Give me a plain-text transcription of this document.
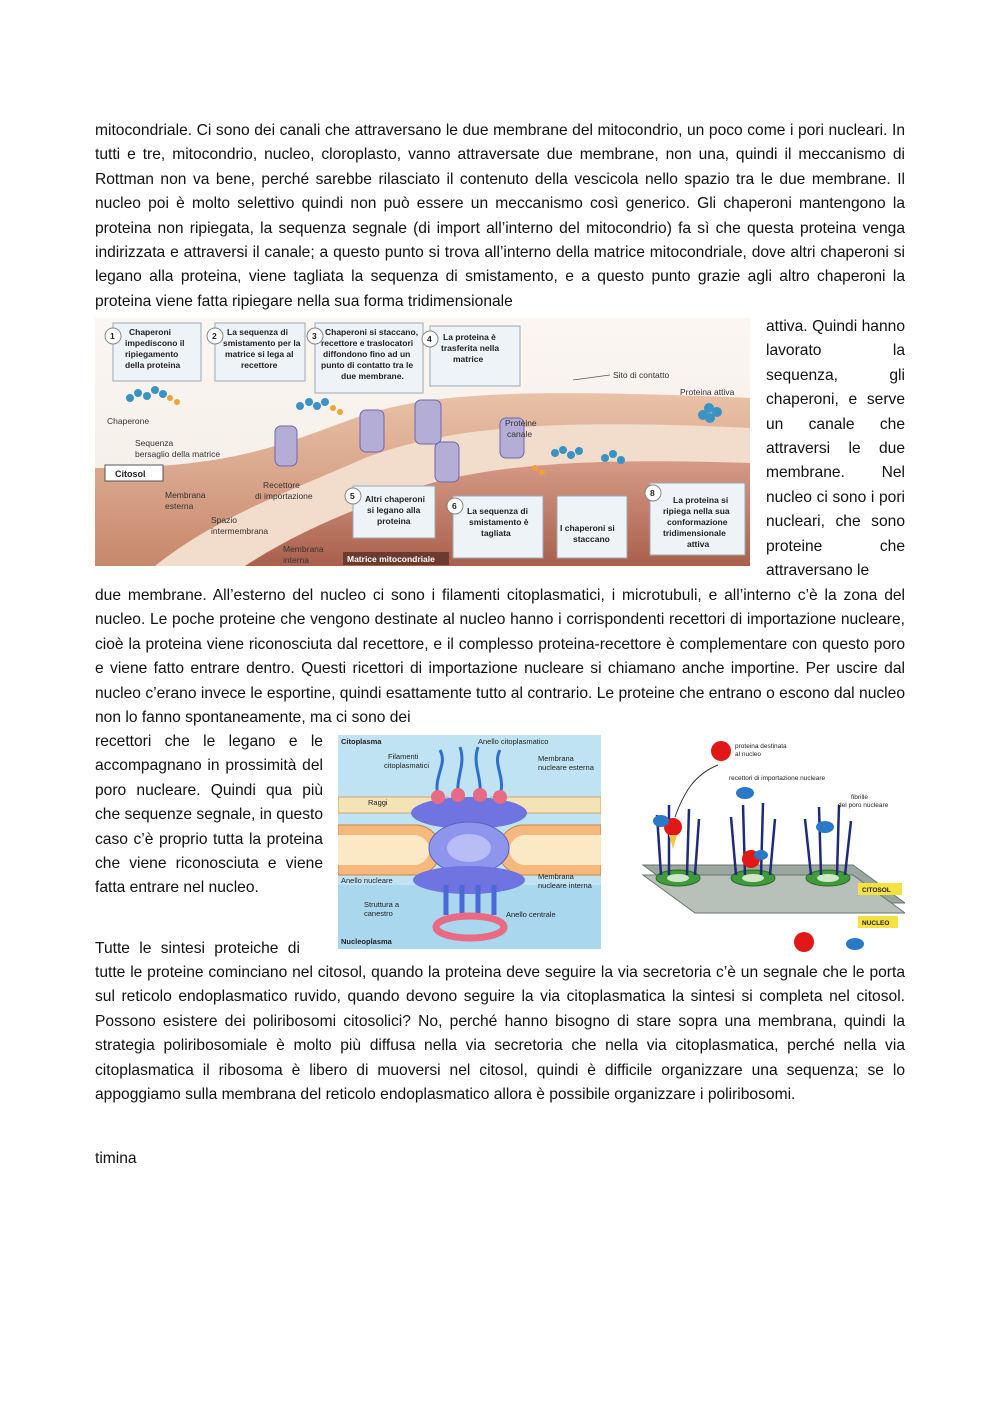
mitocondriale. Ci sono dei canali che attraversano le due membrane del mitocondrio, un poco come i pori nucleari. In tutti e tre, mitocondrio, nucleo, cloroplasto, vanno attraversate due membrane, non una, quindi il meccanismo di Rottman non va bene, perché sarebbe rilasciato il contenuto della vescicola nello spazio tra le due membrane. Il nucleo poi è molto selettivo quindi non può essere un meccanismo così generico. Gli chaperoni mantengono la proteina non ripiegata, la sequenza segnale (di import all’interno del mitocondrio) fa sì che questa proteina venga indirizzata e attraversi il canale; a questo punto si trova all’interno della matrice mitocondriale, dove altri chaperoni si legano alla proteina, viene tagliata la sequenza di smistamento, e a questo punto grazie agli altro chaperoni la proteina viene fatta ripiegare nella sua forma tridimensionale

1 Chaperoni
impediscono il
ripiegamento
della proteina
2 La sequenza di
smistamento per la
matrice si lega al
recettore
3 Chaperoni si staccano,
recettore e traslocatori
diffondono fino ad un
punto di contatto tra le
due membrane.
4 La proteina è
trasferita nella
matrice
5 Altri chaperoni
si legano alla
proteina
6 La sequenza di
smistamento è
tagliata	I chaperoni si
staccano
8
La proteina si
ripiega nella sua
conformazione
tridimensionale
attiva
Sito di contatto
Proteina attiva
Chaperone
Sequenza
bersaglio della matrice
Proteine
canale
Recettore
di importazione
Membrana
esterna
Spazio
intermembrana
Membrana
interna
Citosol
Matrice mitocondriale

attiva. Quindi hanno lavorato la sequenza, gli chaperoni, e serve un canale che attraversi le due membrane. Nel nucleo ci sono i pori nucleari, che sono proteine che attraversano le

due membrane. All’esterno del nucleo ci sono i filamenti citoplasmatici, i microtubuli, e all’interno c’è la zona del nucleo. Le poche proteine che vengono destinate al nucleo hanno i corrispondenti recettori di importazione nucleare, cioè la proteina viene riconosciuta dal recettore, e il complesso proteina-recettore è complementare con questo poro e viene fatto entrare dentro. Questi ricettori di importazione nucleare si chiamano anche importine. Per uscire dal nucleo c’erano invece le esportine, quindi esattamente tutto al contrario. Le proteine che entrano o escono dal nucleo non lo fanno spontaneamente, ma ci sono dei

recettori che le legano e le accompagnano in prossimità del poro nucleare. Quindi qua più che sequenze segnale, in questo caso c’è proprio tutta la proteina che viene riconosciuta e viene fatta entrare nel nucleo.

Citoplasma	Anello citoplasmatico
Filamenti
citoplasmatici
Membrana
nucleare esterna
Raggi
Anello nucleare	Membrana
nucleare interna
Struttura a
canestro	Anello centrale
Nucleoplasma
proteina destinata
al nucleo
recettori di importazione nucleare
fibrille
del poro nucleare
CITOSOL
NUCLEO

Tutte le sintesi proteiche di

tutte le proteine cominciano nel citosol, quando la proteina deve seguire la via secretoria c’è un segnale che le porta sul reticolo endoplasmatico ruvido, quando devono seguire la via citoplasmatica la sintesi si completa nel citosol. Possono esistere dei poliribosomi citosolici? No, perché hanno bisogno di stare sopra una membrana, quindi la strategia poliribosomiale è molto più diffusa nella via secretoria che nella via citoplasmatica, perché nella via citoplasmatica il ribosoma è libero di muoversi nel citosol, quindi è difficile organizzare una sequenza; se lo appoggiamo sulla membrana del reticolo endoplasmatico allora è possibile organizzare i poliribosomi.

timina
